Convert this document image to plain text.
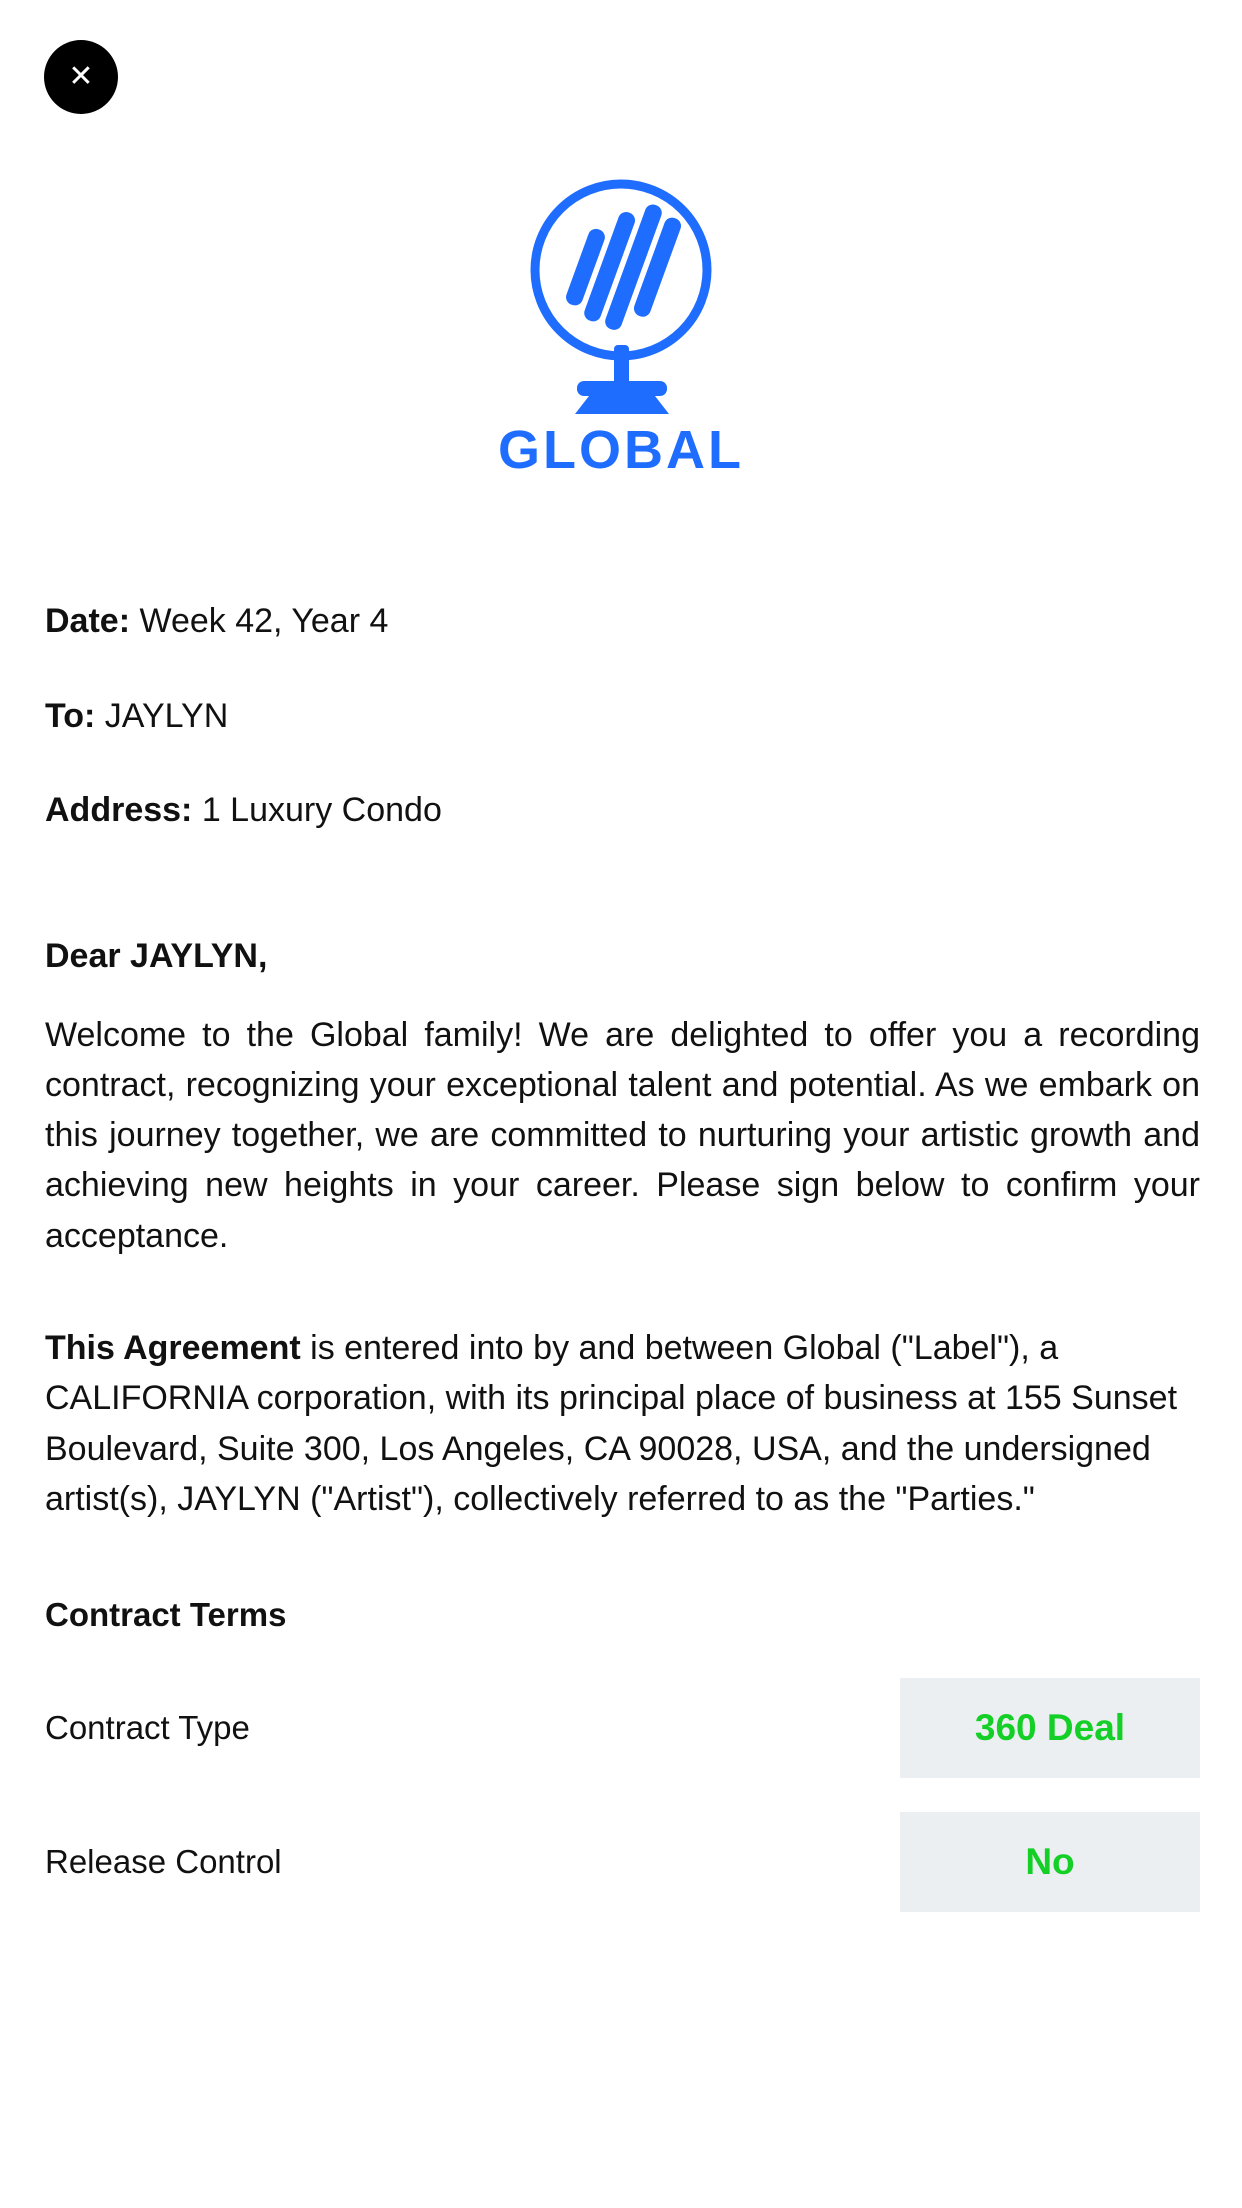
✕
GLOBAL
Date: Week 42, Year 4
To: JAYLYN
Address: 1 Luxury Condo
Dear JAYLYN,
Welcome to the Global family! We are delighted to offer you a recording contract, recognizing your exceptional talent and potential. As we embark on this journey together, we are committed to nurturing your artistic growth and achieving new heights in your career. Please sign below to confirm your acceptance.
This Agreement is entered into by and between Global ("Label"), a CALIFORNIA corporation, with its principal place of business at 155 Sunset Boulevard, Suite 300, Los Angeles, CA 90028, USA, and the undersigned artist(s), JAYLYN ("Artist"), collectively referred to as the "Parties."
Contract Terms
Contract Type	360 Deal
Release Control	No
